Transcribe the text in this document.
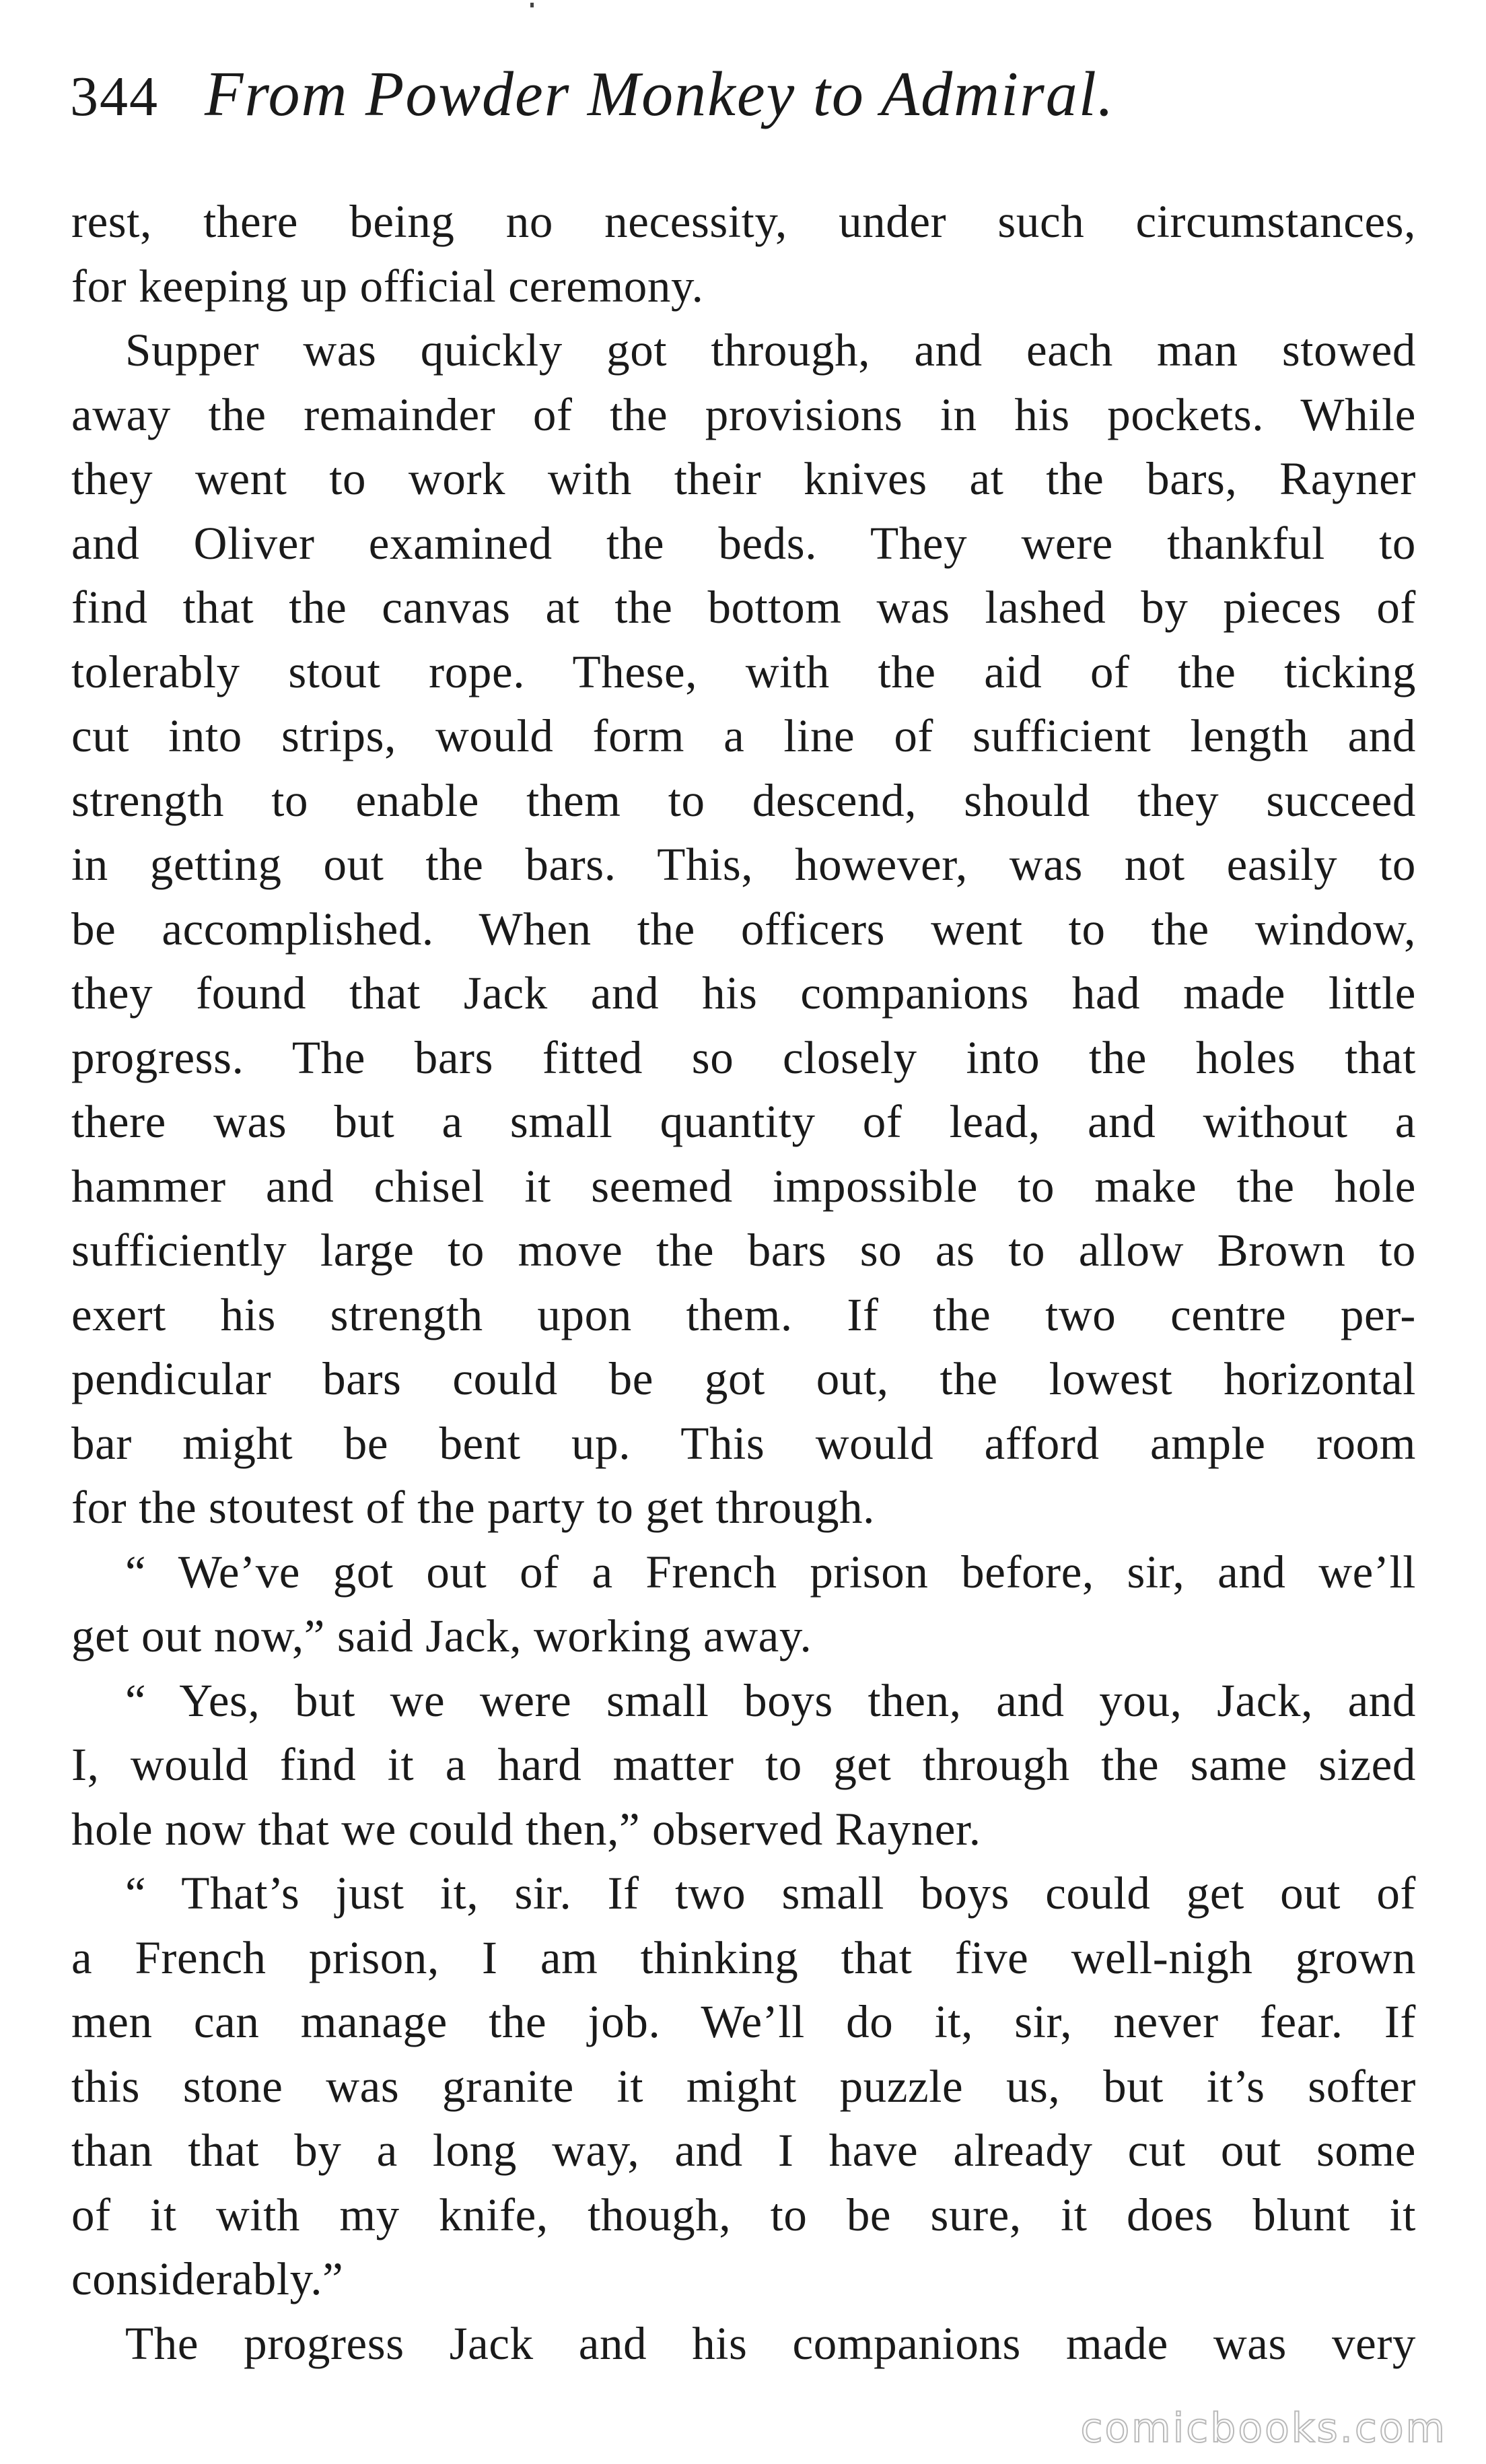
344 From Powder Monkey to Admiral.
rest, there being no necessity, under such circumstances,
for keeping up official ceremony.
Supper was quickly got through, and each man stowed
away the remainder of the provisions in his pockets. While
they went to work with their knives at the bars, Rayner
and Oliver examined the beds. They were thankful to
find that the canvas at the bottom was lashed by pieces of
tolerably stout rope. These, with the aid of the ticking
cut into strips, would form a line of sufficient length and
strength to enable them to descend, should they succeed
in getting out the bars. This, however, was not easily to
be accomplished. When the officers went to the window,
they found that Jack and his companions had made little
progress. The bars fitted so closely into the holes that
there was but a small quantity of lead, and without a
hammer and chisel it seemed impossible to make the hole
sufficiently large to move the bars so as to allow Brown to
exert his strength upon them. If the two centre per-
pendicular bars could be got out, the lowest horizontal
bar might be bent up. This would afford ample room
for the stoutest of the party to get through.
“ We’ve got out of a French prison before, sir, and we’ll
get out now,” said Jack, working away.
“ Yes, but we were small boys then, and you, Jack, and
I, would find it a hard matter to get through the same sized
hole now that we could then,” observed Rayner.
“ That’s just it, sir. If two small boys could get out of
a French prison, I am thinking that five well-nigh grown
men can manage the job. We’ll do it, sir, never fear. If
this stone was granite it might puzzle us, but it’s softer
than that by a long way, and I have already cut out some
of it with my knife, though, to be sure, it does blunt it
considerably.”
The progress Jack and his companions made was very
comicbooks.com
